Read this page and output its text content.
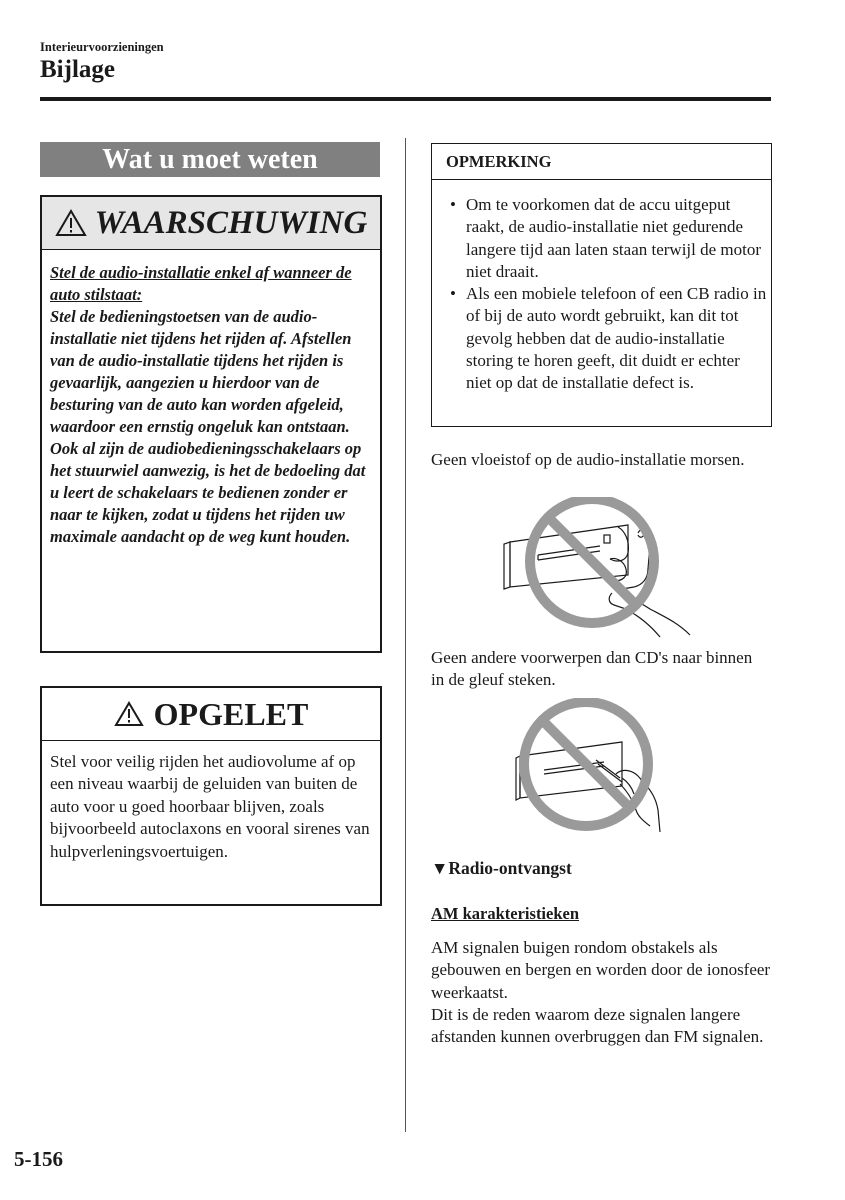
Interieurvoorzieningen
Bijlage
Wat u moet weten
WAARSCHUWING

Stel de audio-installatie enkel af wanneer de auto stilstaat:

Stel de bedieningstoetsen van de audio-installatie niet tijdens het rijden af. Afstellen van de audio-installatie tijdens het rijden is gevaarlijk, aangezien u hierdoor van de besturing van de auto kan worden afgeleid, waardoor een ernstig ongeluk kan ontstaan.

Ook al zijn de audiobedieningsschakelaars op het stuurwiel aanwezig, is het de bedoeling dat u leert de schakelaars te bedienen zonder er naar te kijken, zodat u tijdens het rijden uw maximale aandacht op de weg kunt houden.

OPGELET

Stel voor veilig rijden het audiovolume af op een niveau waarbij de geluiden van buiten de auto voor u goed hoorbaar blijven, zoals bijvoorbeeld autoclaxons en vooral sirenes van hulpverleningsvoertuigen.

OPMERKING
• Om te voorkomen dat de accu uitgeput raakt, de audio-installatie niet gedurende langere tijd aan laten staan terwijl de motor niet draait.
• Als een mobiele telefoon of een CB radio in of bij de auto wordt gebruikt, kan dit tot gevolg hebben dat de audio-installatie storing te horen geeft, dit duidt er echter niet op dat de installatie defect is.

Geen vloeistof op de audio-installatie morsen.

Geen andere voorwerpen dan CD's naar binnen in de gleuf steken.

▼Radio-ontvangst
AM karakteristieken

AM signalen buigen rondom obstakels als gebouwen en bergen en worden door de ionosfeer weerkaatst.

Dit is de reden waarom deze signalen langere afstanden kunnen overbruggen dan FM signalen.

5-156
